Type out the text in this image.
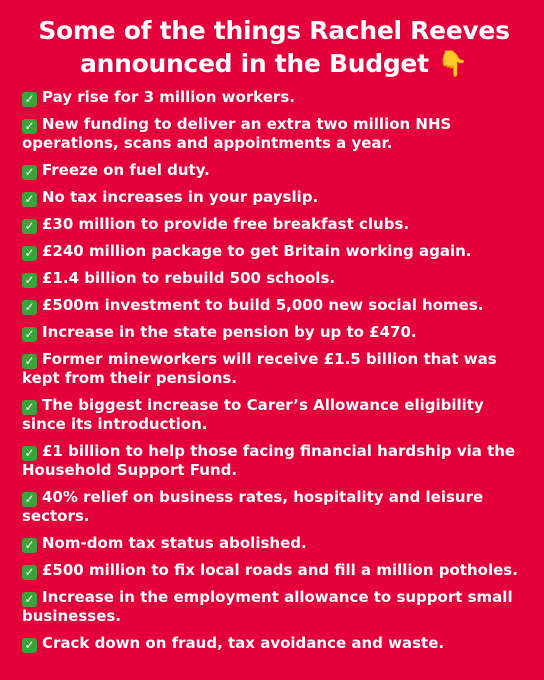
Some of the things Rachel Reeves announced in the Budget 👇
✓ Pay rise for 3 million workers.
✓ New funding to deliver an extra two million NHS operations, scans and appointments a year.
✓ Freeze on fuel duty.
✓ No tax increases in your payslip.
✓ £30 million to provide free breakfast clubs.
✓ £240 million package to get Britain working again.
✓ £1.4 billion to rebuild 500 schools.
✓ £500m investment to build 5,000 new social homes.
✓ Increase in the state pension by up to £470.
✓ Former mineworkers will receive £1.5 billion that was kept from their pensions.
✓ The biggest increase to Carer’s Allowance eligibility since its introduction.
✓ £1 billion to help those facing financial hardship via the Household Support Fund.
✓ 40% relief on business rates, hospitality and leisure sectors.
✓ Nom-dom tax status abolished.
✓ £500 million to fix local roads and fill a million potholes.
✓ Increase in the employment allowance to support small businesses.
✓ Crack down on fraud, tax avoidance and waste.
